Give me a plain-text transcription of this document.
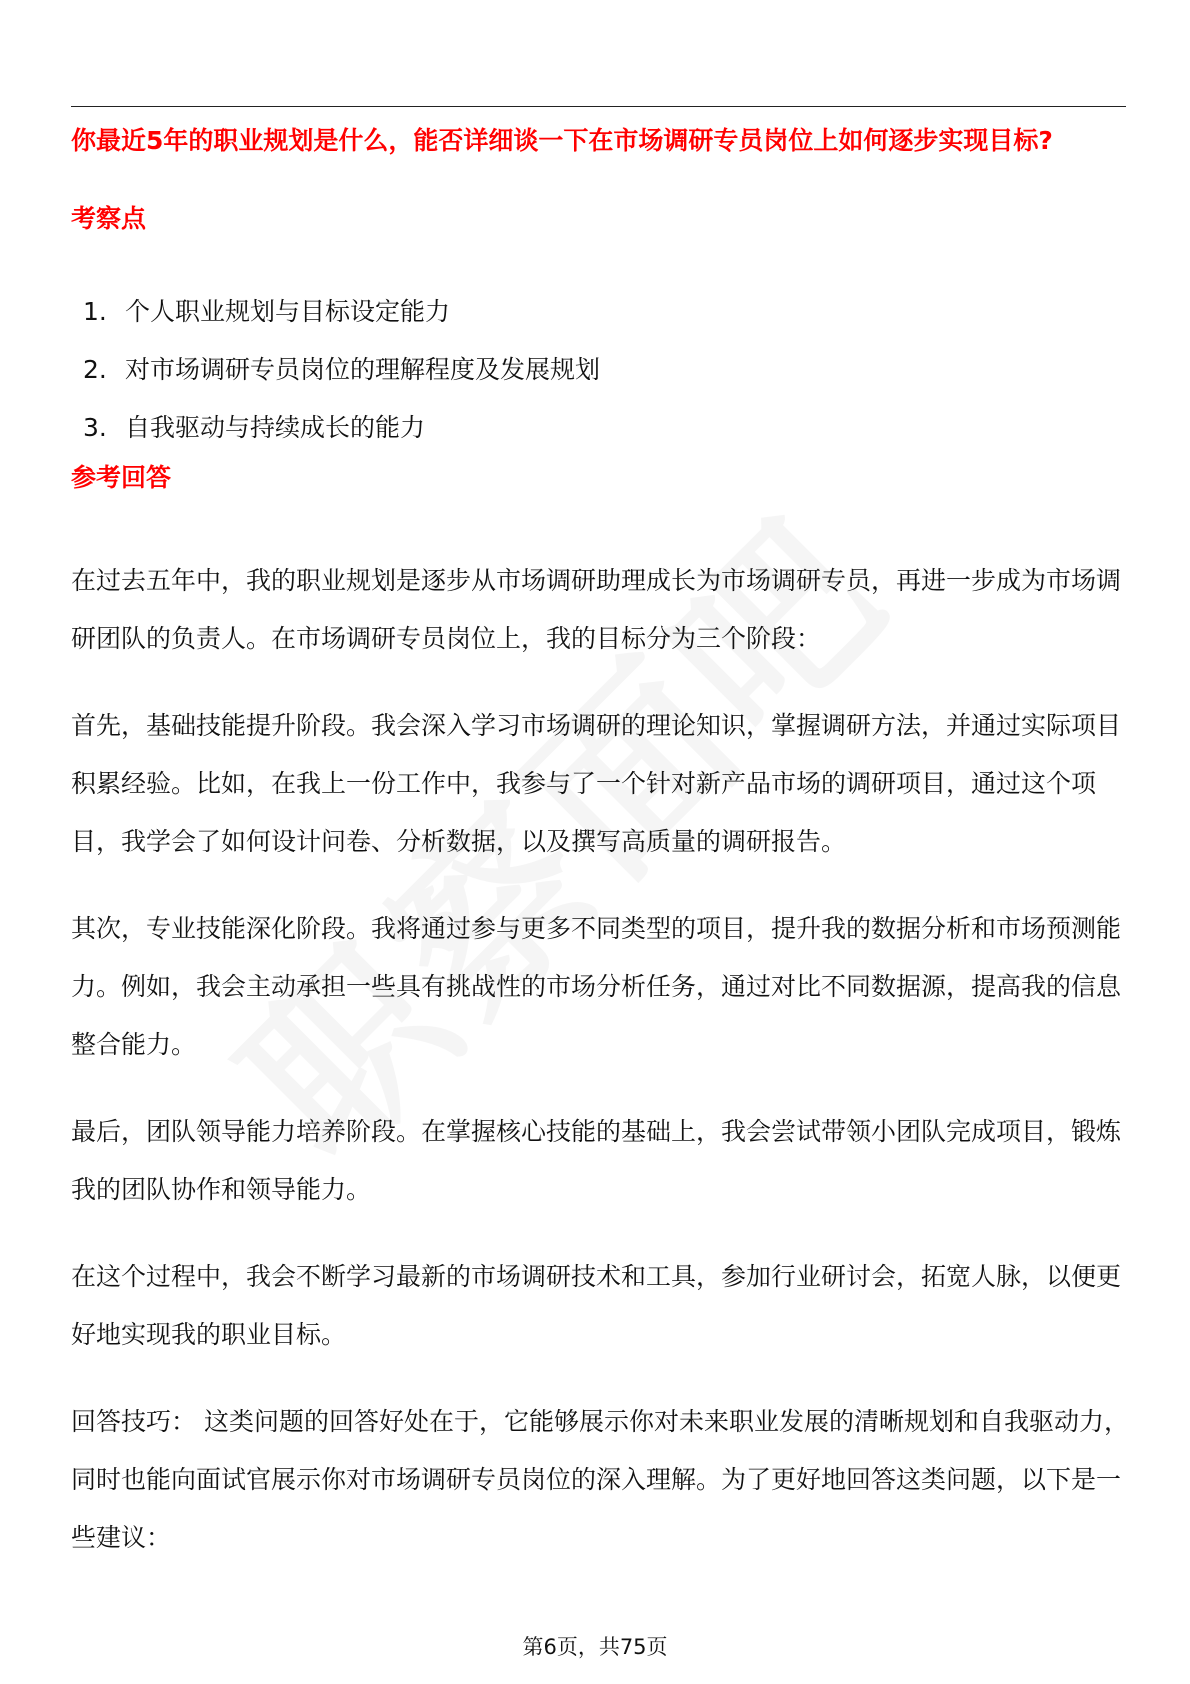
你最近5年的职业规划是什么，能否详细谈一下在市场调研专员岗位上如何逐步实现目标?
考察点
1. 个人职业规划与目标设定能力
2. 对市场调研专员岗位的理解程度及发展规划
3. 自我驱动与持续成长的能力
参考回答

在过去五年中，我的职业规划是逐步从市场调研助理成长为市场调研专员，再进一步成为市场调研团队的负责人。在市场调研专员岗位上，我的目标分为三个阶段：

首先，基础技能提升阶段。我会深入学习市场调研的理论知识，掌握调研方法，并通过实际项目积累经验。比如，在我上一份工作中，我参与了一个针对新产品市场的调研项目，通过这个项目，我学会了如何设计问卷、分析数据，以及撰写高质量的调研报告。

其次，专业技能深化阶段。我将通过参与更多不同类型的项目，提升我的数据分析和市场预测能力。例如，我会主动承担一些具有挑战性的市场分析任务，通过对比不同数据源，提高我的信息整合能力。

最后，团队领导能力培养阶段。在掌握核心技能的基础上，我会尝试带领小团队完成项目，锻炼我的团队协作和领导能力。

在这个过程中，我会不断学习最新的市场调研技术和工具，参加行业研讨会，拓宽人脉，以便更好地实现我的职业目标。

回答技巧： 这类问题的回答好处在于，它能够展示你对未来职业发展的清晰规划和自我驱动力，同时也能向面试官展示你对市场调研专员岗位的深入理解。为了更好地回答这类问题，以下是一些建议：

第6页，共75页
